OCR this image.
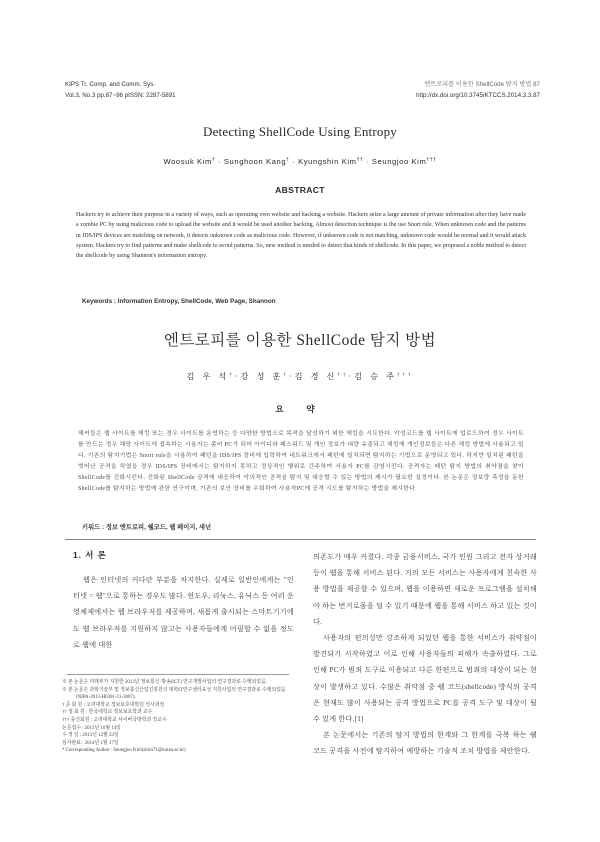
KIPS Tr. Comp. and Comm. Sys.
Vol.3, No.3 pp.87~96 pISSN: 2287-5891
엔트로피를 이용한 ShellCode 탐지 방법 87
http://dx.doi.org/10.3745/KTCCS.2014.3.3.87
Detecting ShellCode Using Entropy
Woosuk Kim† · Sunghoon Kang† · Kyungshin Kim†† · Seungjoo Kim†††
ABSTRACT
Hackers try to achieve their purpose in a variety of ways, such as operating own website and hacking a website. Hackers seize a large amount of private information after they have made a zombie PC by using malicious code to upload the website and it would be used another hacking. Almost detection technique is the use Snort rule. When unknown code and the patterns in IDS/IPS devices are matching on network, it detects unknown code as malicious code. However, if unknown code is not matching, unknown code would be normal and it would attack system. Hackers try to find patterns and make shellcode to avoid patterns. So, new method is needed to detect that kinds of shellcode. In this paper, we proposed a noble method to detect the shellcode by using Shannon's information entropy.
Keywords : Information Entropy, ShellCode, Web Page, Shannon
엔트로피를 이용한 ShellCode 탐지 방법
김 우 석†·강 성 훈†·김 경 신††·김 승 주†††
요 약
해커들은 웹 사이트를 해킹 또는 경우 사이트를 운영하는 등 다양한 방법으로 목적을 달성하기 위한 해킹을 시도한다. 악성코드를 웹 사이트에 업로드하여 경우 사이트를 만드는 경우 해당 사이트에 접속하는 사용자는 좀비 PC가 되어 아이디와 패스워드 및 개인 정보가 대량 유출되고 해킹에 개인정보들은 다른 해킹 방법에 사용되고 있다. 기존의 탐지기법은 Snort rule을 사용하여 패턴을 IDS/IPS 장비에 입력하여 네트워크에서 패턴에 일치되면 탐지하는 기법으로 운영되고 있다. 하지만 일치된 패턴을 벗어난 공격을 하였을 경우 IDS/IPS 장비에서는 탐지하지 못하고 정상적인 행위로 간주하여 사용자 PC를 감염시킨다. 공격자는 패턴 탐지 방법의 취약점을 찾아 ShellCode를 진화시킨다. 진화된 ShellCode 공격에 대응하여 악의적인 공격을 탐지 및 대응할 수 있는 방법의 제시가 필요한 실정이다. 본 논문은 정보량 측정을 동한 ShellCode를 탐지하는 방법에 관한 연구이며, 기존의 보안 장비를 우회하여 사용자PC에 공격 시도를 탐지하는 방법을 제시한다.
키워드 : 정보 엔트로피, 쉘코드, 웹 페이지, 섀넌
1. 서 론

웹은 인터넷의 커다란 부분을 차지한다. 실제로 일반인에게는 "인터넷 = 웹"으로 통하는 경우도 많다. 윈도우, 리눅스, 유닉스 등 여러 운영체제에서는 웹 브라우저를 제공하며, 새롭게 출시되는 스마트기기에도 웹 브라우저를 지원하지 않고는 사용자들에게 어필할 수 없을 정도로 웹에 대한

의존도가 매우 커졌다. 각종 금융서비스, 국가 민원 그리고 전자 상거래 등이 웹을 통해 서비스 된다. 거의 모든 서비스는 사용자에게 친숙한 사용 방법을 제공할 수 있으며, 웹을 이용하면 새로운 프로그램을 설치해야 하는 번거로움을 덜 수 있기 때문에 웹을 통해 서비스 하고 있는 것이다.

사용자의 편의성만 강조하게 되었던 웹을 통한 서비스가 취약점이 발견되기 시작하였고 이로 인해 사용자들의 피해가 속출하였다. 그로 인해 PC가 범죄 도구로 이용되고 다른 한편으로 범죄의 대상이 되는 현상이 발생하고 있다. 수많은 취약점 중 쉘 코드(shellcode) 방식의 공격은 현재도 많이 사용되는 공격 방법으로 PC를 공격 도구 및 대상이 될 수 있게 한다.[1]

본 논문에서는 기존의 탐지 방법의 한계와 그 한계를 극복 하는 쉘 코드 공격을 사전에 탐지하여 예방하는 기술적 조치 방법을 제안한다.

※ 본 논문은 미래부가 지원한 2013년 정보통신·방송(ICT) 연구개발사업의 연구결과로 수행되었음.
※ 본 논문은 과학기술부 및 정보통신산업진흥원의 대학IT연구센터육성 지원사업의 연구결과로 수행되었음(NIPA-2013-H0301-13-3007).
† 준 회 원 : 고려대학교 정보보호대학원 석사과정
†† 정 회 원 : 한국대학교 정보보호학과 교수
††† 종신회원 : 고려대학교 사이버국방학과 정교수
논문접수 : 2013년 10월 14일
수 정 일 : 2013년 12월 23일
심사완료 : 2014년 1월 17일
* Corresponding Author : Seungjoo Kim(skim71@korea.ac.kr)
